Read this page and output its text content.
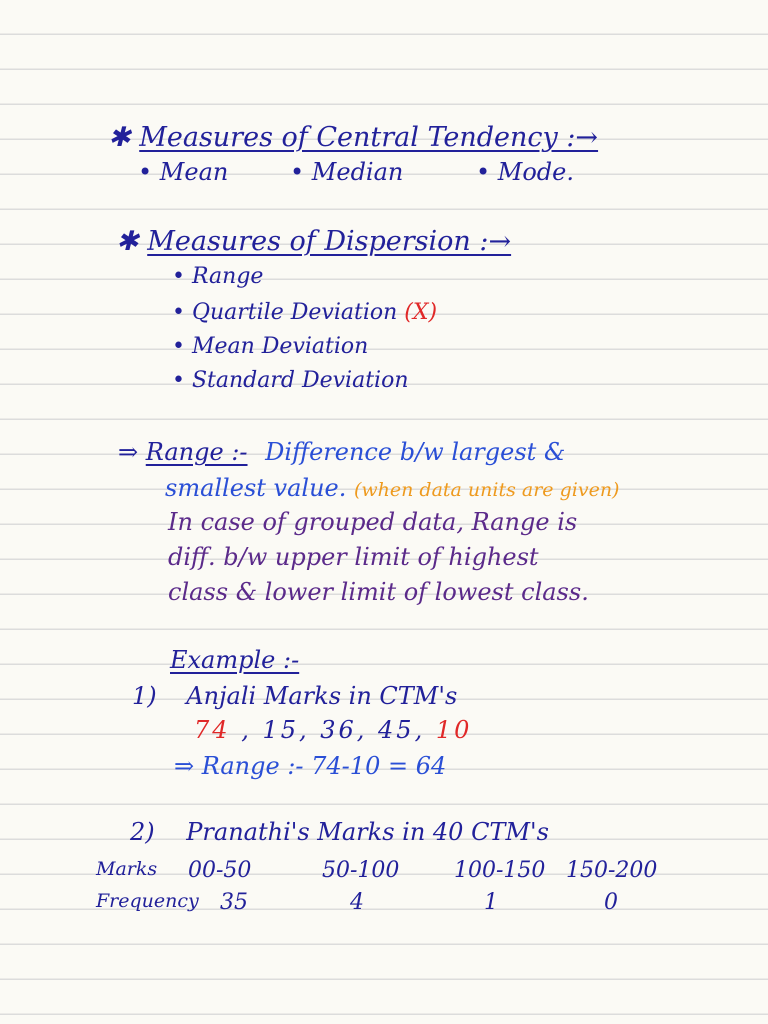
✱ Measures of Central Tendency :→
• Mean	• Median	• Mode.
✱ Measures of Dispersion :→
• Range
• Quartile Deviation (X)
• Mean Deviation
• Standard Deviation
⇒ Range :- Difference b/w largest &
smallest value. (when data units are given)
In case of grouped data, Range is
diff. b/w upper limit of highest
class & lower limit of lowest class.
Example :-
1) Anjali Marks in CTM's
74 , 15, 36, 45, 10
⇒ Range :- 74-10 = 64
2) Pranathi's Marks in 40 CTM's
Marks 00-50	50-100 100-150 150-200
Frequency 35	4	1	0
